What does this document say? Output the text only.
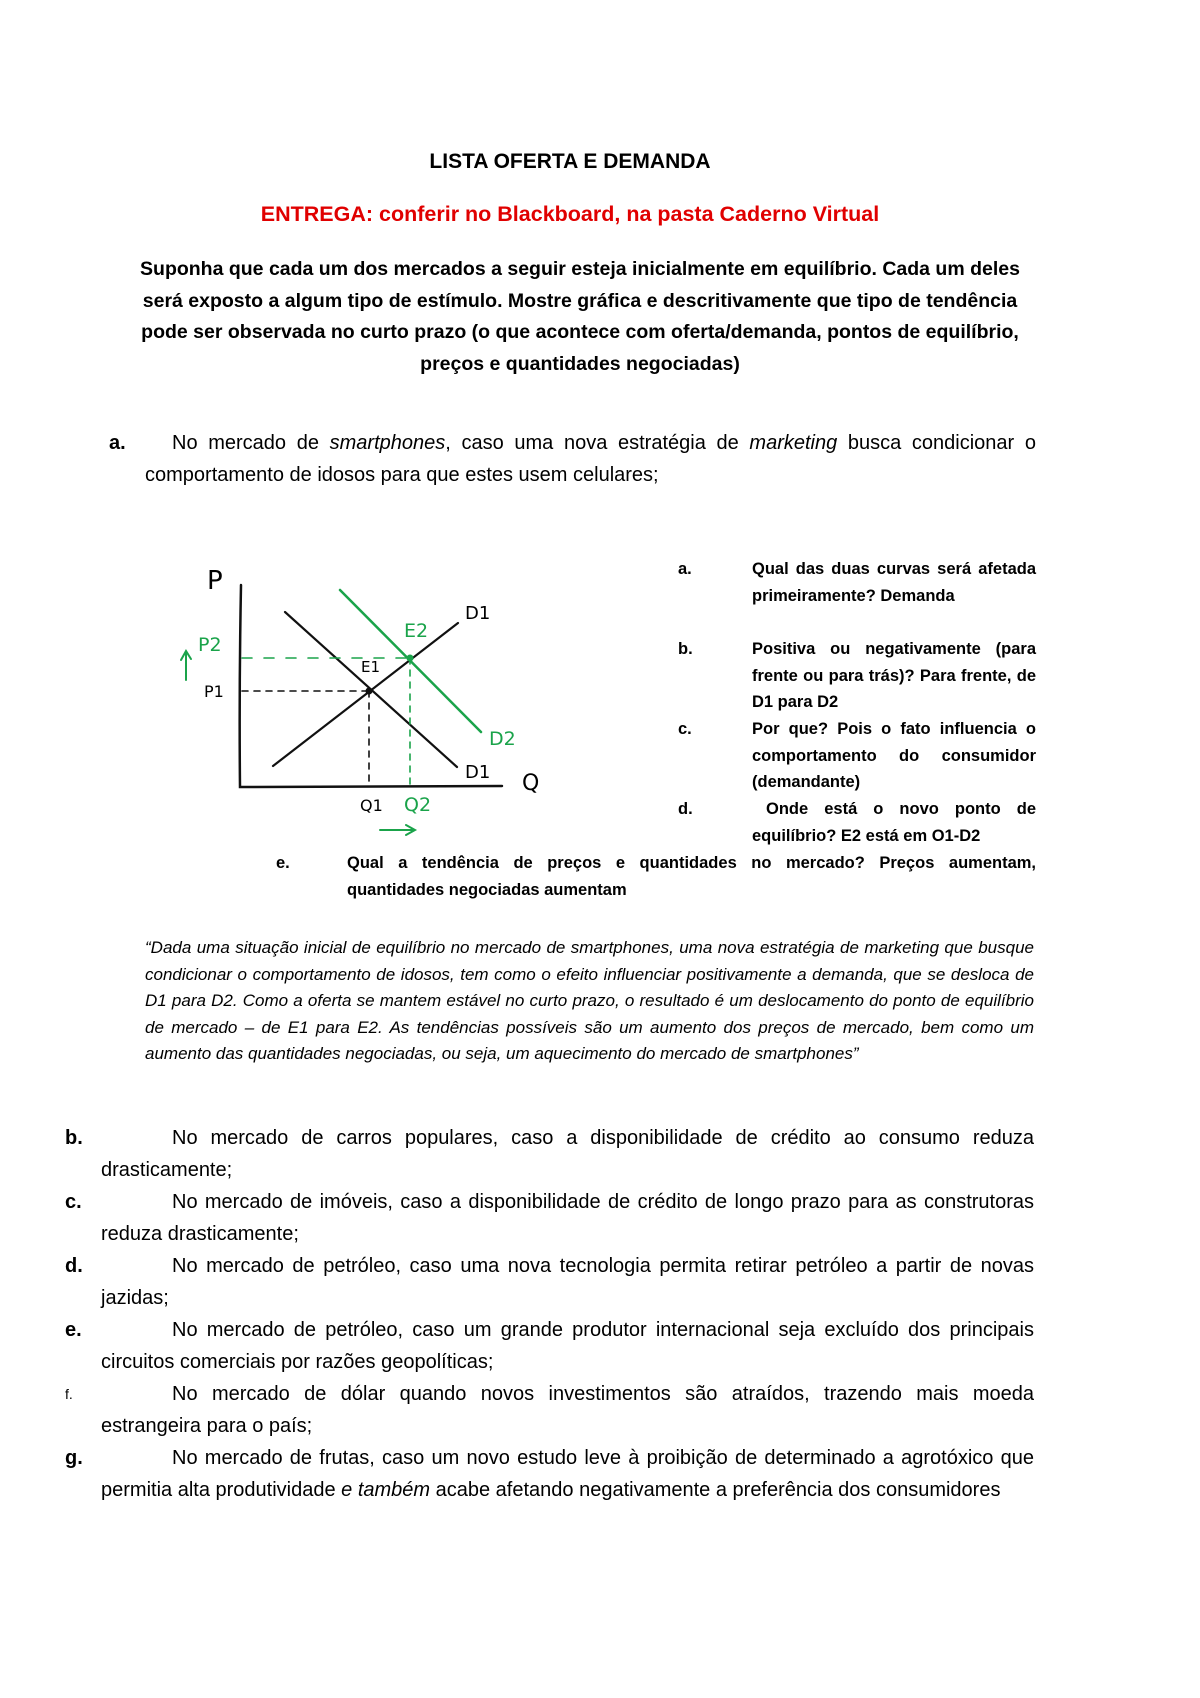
LISTA OFERTA E DEMANDA
ENTREGA: conferir no Blackboard, na pasta Caderno Virtual
Suponha que cada um dos mercados a seguir esteja inicialmente em equilíbrio. Cada um deles será exposto a algum tipo de estímulo. Mostre gráfica e descritivamente que tipo de tendência pode ser observada no curto prazo (o que acontece com oferta/demanda, pontos de equilíbrio, preços e quantidades negociadas)
a.	No mercado de smartphones, caso uma nova estratégia de marketing busca condicionar o comportamento de idosos para que estes usem celulares;
P
Q
P2
P1
Q1 Q2
E1
E2
D1
D2
D1
a.	Qual das duas curvas será afetada primeiramente? Demanda
b.	Positiva ou negativamente (para frente ou para trás)? Para frente, de D1 para D2
c.	Por que? Pois o fato influencia o comportamento do consumidor (demandante)
d.	Onde está o novo ponto de equilíbrio? E2 está em O1-D2
e.	Qual a tendência de preços e quantidades no mercado? Preços aumentam, quantidades negociadas aumentam
“Dada uma situação inicial de equilíbrio no mercado de smartphones, uma nova estratégia de marketing que busque condicionar o comportamento de idosos, tem como o efeito influenciar positivamente a demanda, que se desloca de D1 para D2. Como a oferta se mantem estável no curto prazo, o resultado é um deslocamento do ponto de equilíbrio de mercado – de E1 para E2. As tendências possíveis são um aumento dos preços de mercado, bem como um aumento das quantidades negociadas, ou seja, um aquecimento do mercado de smartphones”
b.	No mercado de carros populares, caso a disponibilidade de crédito ao consumo reduza drasticamente;
c.	No mercado de imóveis, caso a disponibilidade de crédito de longo prazo para as construtoras reduza drasticamente;
d.	No mercado de petróleo, caso uma nova tecnologia permita retirar petróleo a partir de novas jazidas;
e.	No mercado de petróleo, caso um grande produtor internacional seja excluído dos principais circuitos comerciais por razões geopolíticas;
f.	No mercado de dólar quando novos investimentos são atraídos, trazendo mais moeda estrangeira para o país;
g.	No mercado de frutas, caso um novo estudo leve à proibição de determinado a agrotóxico que permitia alta produtividade e também acabe afetando negativamente a preferência dos consumidores
